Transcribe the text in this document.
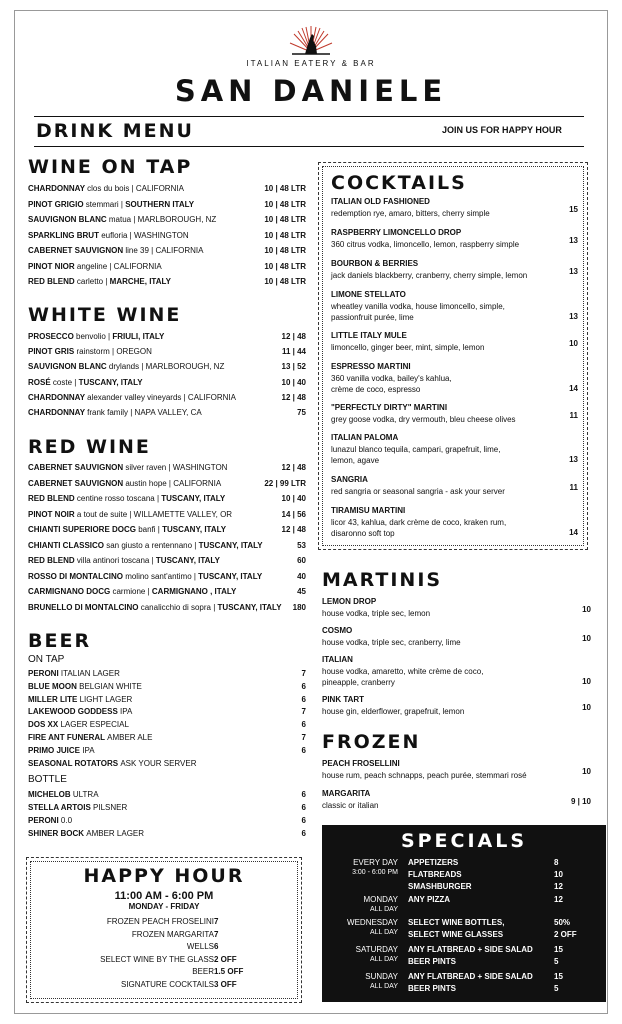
ITALIAN EATERY & BAR
SAN DANIELE
DRINK MENU	JOIN US FOR HAPPY HOUR
WINE ON TAP
CHARDONNAY clos du bois | CALIFORNIA	10 | 48 LTR
PINOT GRIGIO stemmari | SOUTHERN ITALY	10 | 48 LTR
SAUVIGNON BLANC matua | MARLBOROUGH, NZ	10 | 48 LTR
SPARKLING BRUT eufloria | WASHINGTON	10 | 48 LTR
CABERNET SAUVIGNON line 39 | CALIFORNIA	10 | 48 LTR
PINOT NIOR angeline | CALIFORNIA	10 | 48 LTR
RED BLEND carletto | MARCHE, ITALY	10 | 48 LTR
WHITE WINE
PROSECCO benvolio | FRIULI, ITALY	12 | 48
PINOT GRIS rainstorm | OREGON	11 | 44
SAUVIGNON BLANC drylands | MARLBOROUGH, NZ	13 | 52
ROSÉ coste | TUSCANY, ITALY	10 | 40
CHARDONNAY alexander valley vineyards | CALIFORNIA	12 | 48
CHARDONNAY frank family | NAPA VALLEY, CA	75
RED WINE
CABERNET SAUVIGNON silver raven | WASHINGTON	12 | 48
CABERNET SAUVIGNON austin hope | CALIFORNIA	22 | 99 LTR
RED BLEND centine rosso toscana | TUSCANY, ITALY	10 | 40
PINOT NOIR a tout de suite | WILLAMETTE VALLEY, OR	14 | 56
CHIANTI SUPERIORE DOCG banfi | TUSCANY, ITALY	12 | 48
CHIANTI CLASSICO san giusto a rentennano | TUSCANY, ITALY	53
RED BLEND villa antinori toscana | TUSCANY, ITALY	60
ROSSO DI MONTALCINO molino sant'antimo | TUSCANY, ITALY	40
CARMIGNANO DOCG carmione | CARMIGNANO , ITALY	45
BRUNELLO DI MONTALCINO canalicchio di sopra | TUSCANY, ITALY 180
BEER
ON TAP
PERONI ITALIAN LAGER	7
BLUE MOON BELGIAN WHITE	6
MILLER LITE LIGHT LAGER	6
LAKEWOOD GODDESS IPA	7
DOS XX LAGER ESPECIAL	6
FIRE ANT FUNERAL AMBER ALE	7
PRIMO JUICE IPA	6
SEASONAL ROTATORS ASK YOUR SERVER
BOTTLE
MICHELOB ULTRA	6
STELLA ARTOIS PILSNER	6
PERONI 0.0	6
SHINER BOCK AMBER LAGER	6
HAPPY HOUR
11:00 AM - 6:00 PM
MONDAY - FRIDAY
FROZEN PEACH FROSELINI 7
FROZEN MARGARITA 7
WELLS 6
SELECT WINE BY THE GLASS 2 OFF
BEER 1.5 OFF
SIGNATURE COCKTAILS 3 OFF
COCKTAILS
ITALIAN OLD FASHIONED
redemption rye, amaro, bitters, cherry simple	15
RASPBERRY LIMONCELLO DROP
360 citrus vodka, limoncello, lemon, raspberry simple	13
BOURBON & BERRIES
jack daniels blackberry, cranberry, cherry simple, lemon	13
LIMONE STELLATO
wheatley vanilla vodka, house limoncello, simple,
passionfruit purée, lime	13
LITTLE ITALY MULE
limoncello, ginger beer, mint, simple, lemon	10
ESPRESSO MARTINI
360 vanilla vodka, bailey's kahlua,
crème de coco, espresso	14
"PERFECTLY DIRTY" MARTINI
grey goose vodka, dry vermouth, bleu cheese olives	11
ITALIAN PALOMA
lunazul blanco tequila, campari, grapefruit, lime,
lemon, agave	13
SANGRIA
red sangria or seasonal sangria - ask your server	11
TIRAMISU MARTINI
licor 43, kahlua, dark crème de coco, kraken rum,
disaronno soft top	14
MARTINIS
LEMON DROP
house vodka, triple sec, lemon	10
COSMO
house vodka, triple sec, cranberry, lime	10
ITALIAN
house vodka, amaretto, white crème de coco,
pineapple, cranberry	10
PINK TART
house gin, elderflower, grapefruit, lemon	10
FROZEN
PEACH FROSELLINI
house rum, peach schnapps, peach purée, stemmari rosé	10
MARGARITA
classic or italian	9 | 10
SPECIALS
EVERY DAY
3:00 - 6:00 PM
APPETIZERS	8
FLATBREADS	10
SMASHBURGER	12
MONDAY
ALL DAY
ANY PIZZA	12
WEDNESDAY
ALL DAY
SELECT WINE BOTTLES,	50%
SELECT WINE GLASSES	2 OFF
SATURDAY
ALL DAY
ANY FLATBREAD + SIDE SALAD	15
BEER PINTS	5
SUNDAY
ALL DAY
ANY FLATBREAD + SIDE SALAD	15
BEER PINTS	5
